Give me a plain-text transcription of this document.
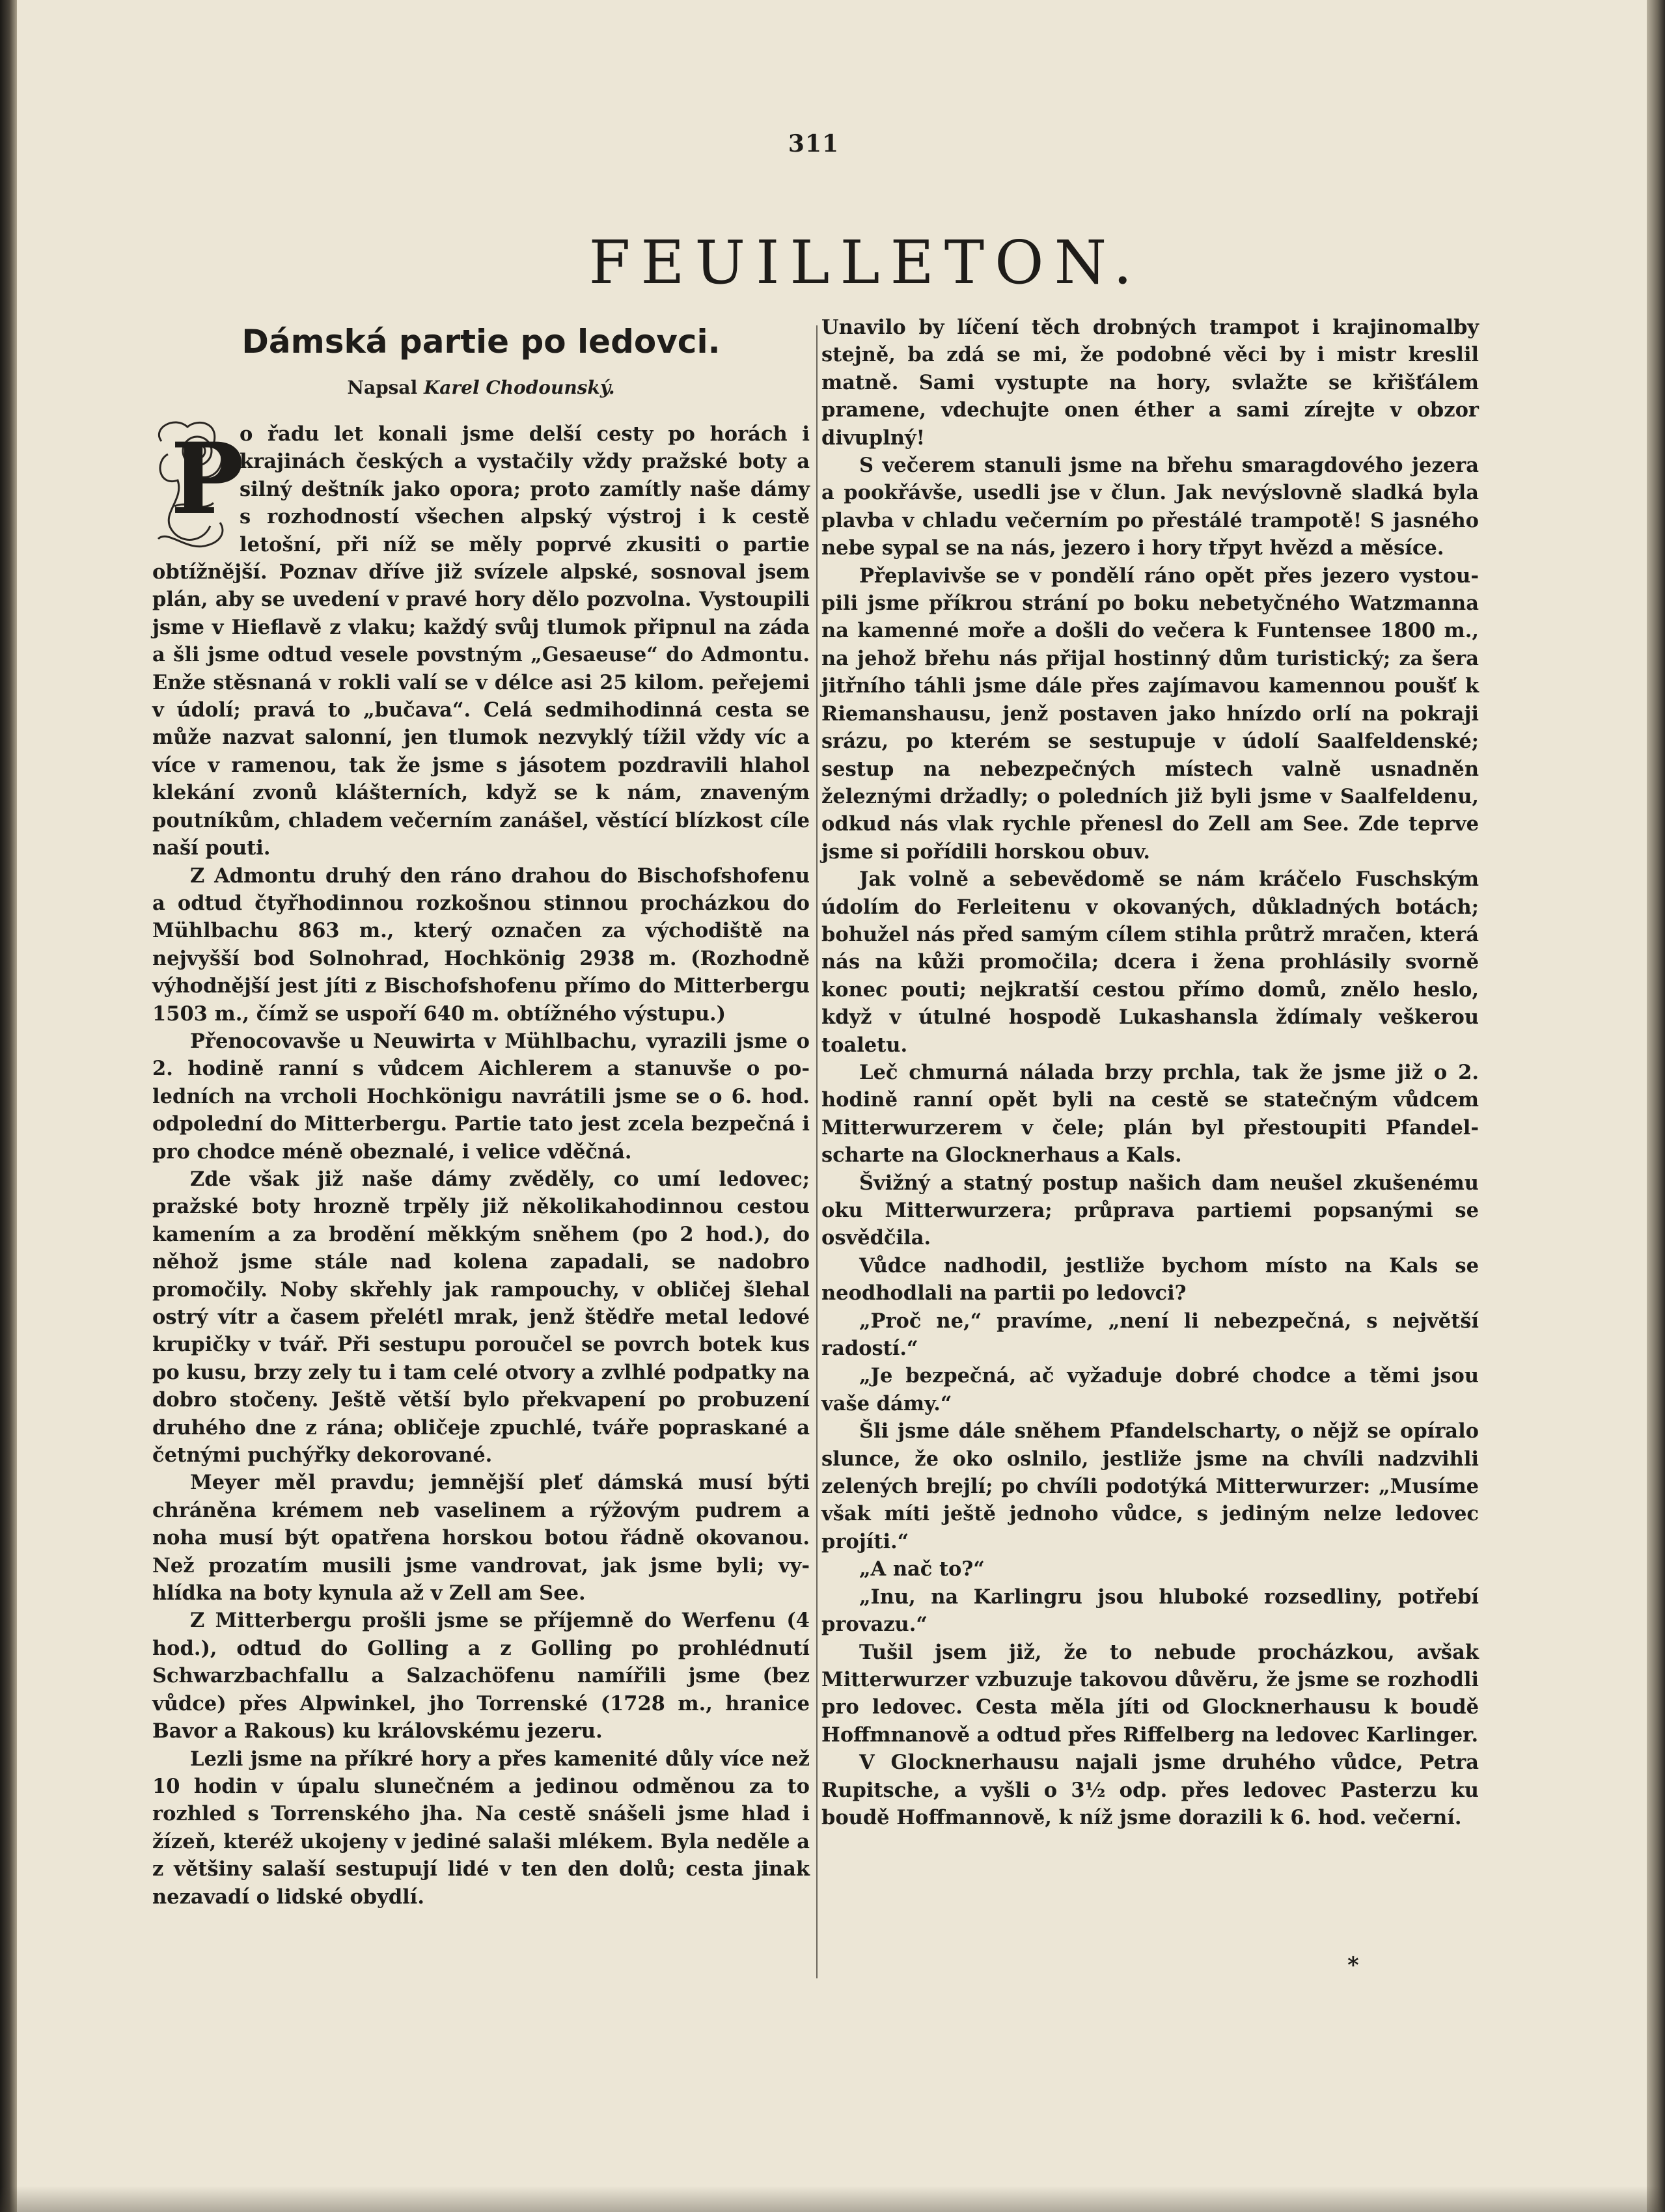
311
FEUILLETON.
Dámská partie po ledovci.
Napsal Karel Chodounský.
P

o řadu let konali jsme delší cesty po horách i krajinách českých a vystačily vždy pražské boty a silný deštník jako opora; proto zamítly naše dámy s rozhodností všechen alpský výstroj i k cestě letošní, při níž se měly poprvé zkusiti o partie obtížnější. Poznav dříve již svízele alpské, sosnoval jsem plán, aby se uvedení v pravé hory dělo pozvolna. Vystoupili jsme v Hieflavě z vlaku; každý svůj tlumok připnul na záda a šli jsme odtud vesele povstným „Gesaeuse“ do Admontu. Enže stěsnaná v rokli valí se v délce asi 25 kilom. peřejemi v údolí; pravá to „bučava“. Celá sedmihodinná cesta se může nazvat salonní, jen tlumok nezvyklý tížil vždy víc a více v ramenou, tak že jsme s jásotem pozdravili hlahol klekání zvonů klášterních, když se k nám, znaveným poutníkům, chladem večerním zanášel, věstící blízkost cíle naší pouti.

Z Admontu druhý den ráno drahou do Bischofshofenu a odtud čtyřhodinnou rozkošnou stinnou procházkou do Mühlbachu 863 m., který označen za východiště na nejvyšší bod Solnohrad, Hochkönig 2938 m. (Rozhodně výhodnější jest jíti z Bischofshofenu přímo do Mitterbergu 1503 m., čímž se uspoří 640 m. obtížného výstupu.)

Přenocovavše u Neuwirta v Mühlbachu, vyrazili jsme o 2. hodině ranní s vůdcem Aichlerem a stanuvše o poledních na vrcholi Hochkönigu navrátili jsme se o 6. hod. odpolední do Mitterbergu. Partie tato jest zcela bezpečná i pro chodce méně obeznalé, i velice vděčná.

Zde však již naše dámy zvěděly, co umí ledovec; pražské boty hrozně trpěly již několikahodinnou cestou kamením a za brodění měkkým sněhem (po 2 hod.), do něhož jsme stále nad kolena zapadali, se nadobro promočily. Noby skřehly jak rampouchy, v obličej šlehal ostrý vítr a časem přelétl mrak, jenž štědře metal ledové krupičky v tvář. Při sestupu poroučel se povrch botek kus po kusu, brzy zely tu i tam celé otvory a zvlhlé podpatky na dobro stočeny. Ještě větší bylo překvapení po probuzení druhého dne z rána; obličeje zpuchlé, tváře popraskané a četnými puchýřky dekorované.

Meyer měl pravdu; jemnější pleť dámská musí býti chráněna krémem neb vaselinem a rýžovým pudrem a noha musí být opatřena horskou botou řádně okovanou. Než prozatím musili jsme vandrovat, jak jsme byli; vyhlídka na boty kynula až v Zell am See.

Z Mitterbergu prošli jsme se příjemně do Werfenu (4 hod.), odtud do Golling a z Golling po prohlédnutí Schwarzbachfallu a Salzachöfenu namířili jsme (bez vůdce) přes Alpwinkel, jho Torrenské (1728 m., hranice Bavor a Rakous) ku královskému jezeru.

Lezli jsme na příkré hory a přes kamenité důly více než 10 hodin v úpalu slunečném a jedinou odměnou za to rozhled s Torrenského jha. Na cestě snášeli jsme hlad i žízeň, kteréž ukojeny v jediné salaši mlékem. Byla neděle a z většiny salaší sestupují lidé v ten den dolů; cesta jinak nezavadí o lidské obydlí.

Unavilo by líčení těch drobných trampot i krajinomalby stejně, ba zdá se mi, že podobné věci by i mistr kreslil matně. Sami vystupte na hory, svlažte se křišťálem pramene, vdechujte onen éther a sami zírejte v obzor divuplný!

S večerem stanuli jsme na břehu smaragdového jezera a pookřávše, usedli jse v člun. Jak nevýslovně sladká byla plavba v chladu večerním po přestálé trampotě! S jasného nebe sypal se na nás, jezero i hory třpyt hvězd a měsíce.

Přeplavivše se v pondělí ráno opět přes jezero vystoupili jsme příkrou strání po boku nebetyčného Watzmanna na kamenné moře a došli do večera k Funtensee 1800 m., na jehož břehu nás přijal hostinný dům turistický; za šera jitřního táhli jsme dále přes zajímavou kamennou poušť k Riemanshausu, jenž postaven jako hnízdo orlí na pokraji srázu, po kterém se sestupuje v údolí Saalfeldenské; sestup na nebezpečných místech valně usnadněn železnými držadly; o poledních již byli jsme v Saalfeldenu, odkud nás vlak rychle přenesl do Zell am See. Zde teprve jsme si pořídili horskou obuv.

Jak volně a sebevědomě se nám kráčelo Fuschským údolím do Ferleitenu v okovaných, důkladných botách; bohužel nás před samým cílem stihla průtrž mračen, která nás na kůži promočila; dcera i žena prohlásily svorně konec pouti; nejkratší cestou přímo domů, znělo heslo, když v útulné hospodě Lukashansla ždímaly veškerou toaletu.

Leč chmurná nálada brzy prchla, tak že jsme již o 2. hodině ranní opět byli na cestě se statečným vůdcem Mitterwurzerem v čele; plán byl přestoupiti Pfandelscharte na Glocknerhaus a Kals.

Švižný a statný postup našich dam neušel zkušenému oku Mitterwurzera; průprava partiemi popsanými se osvědčila.

Vůdce nadhodil, jestliže bychom místo na Kals se neodhodlali na partii po ledovci?

„Proč ne,“ pravíme, „není li nebezpečná, s největší radostí.“

„Je bezpečná, ač vyžaduje dobré chodce a těmi jsou vaše dámy.“

Šli jsme dále sněhem Pfandelscharty, o nějž se opíralo slunce, že oko oslnilo, jestliže jsme na chvíli nadzvihli zelených brejlí; po chvíli podotýká Mitterwurzer: „Musíme však míti ještě jednoho vůdce, s jediným nelze ledovec projíti.“

„A nač to?“

„Inu, na Karlingru jsou hluboké rozsedliny, potřebí provazu.“

Tušil jsem již, že to nebude procházkou, avšak Mitterwurzer vzbuzuje takovou důvěru, že jsme se rozhodli pro ledovec. Cesta měla jíti od Glocknerhausu k boudě Hoffmnanově a odtud přes Riffelberg na ledovec Karlinger.

V Glocknerhausu najali jsme druhého vůdce, Petra Rupitsche, a vyšli o 3½ odp. přes ledovec Pasterzu ku boudě Hoffmannově, k níž jsme dorazili k 6. hod. večerní.

*
